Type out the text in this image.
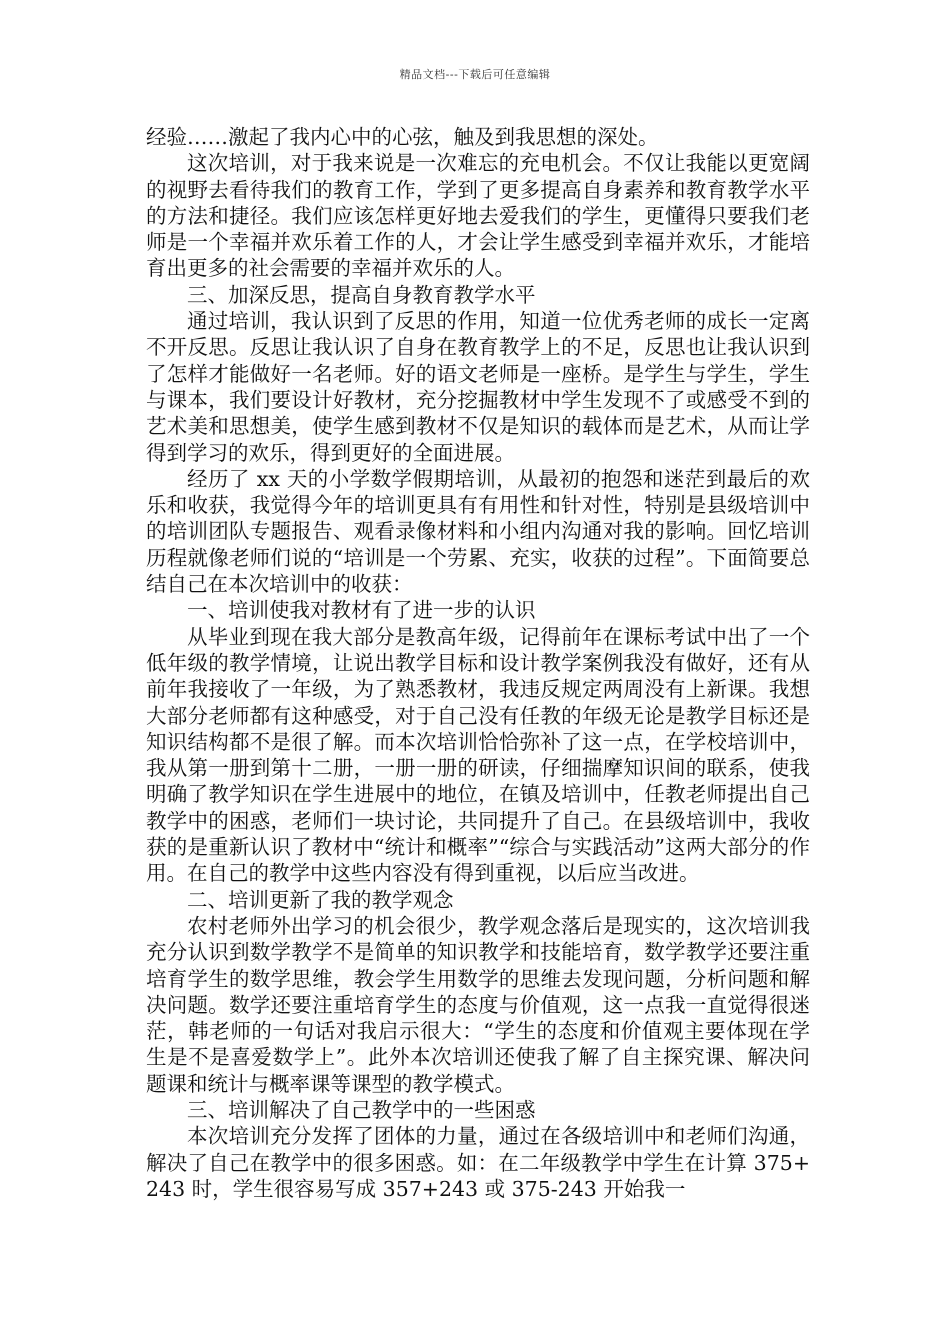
精品文档---下载后可任意编辑

经验……激起了我内心中的心弦，触及到我思想的深处。

这次培训，对于我来说是一次难忘的充电机会。不仅让我能以更宽阔的视野去看待我们的教育工作，学到了更多提高自身素养和教育教学水平的方法和捷径。我们应该怎样更好地去爱我们的学生，更懂得只要我们老师是一个幸福并欢乐着工作的人，才会让学生感受到幸福并欢乐，才能培育出更多的社会需要的幸福并欢乐的人。

三、加深反思，提高自身教育教学水平

通过培训，我认识到了反思的作用，知道一位优秀老师的成长一定离不开反思。反思让我认识了自身在教育教学上的不足，反思也让我认识到了怎样才能做好一名老师。好的语文老师是一座桥。是学生与学生，学生与课本，我们要设计好教材，充分挖掘教材中学生发现不了或感受不到的艺术美和思想美，使学生感到教材不仅是知识的载体而是艺术，从而让学得到学习的欢乐，得到更好的全面进展。

经历了 xx 天的小学数学假期培训，从最初的抱怨和迷茫到最后的欢乐和收获，我觉得今年的培训更具有有用性和针对性，特别是县级培训中的培训团队专题报告、观看录像材料和小组内沟通对我的影响。回忆培训历程就像老师们说的“培训是一个劳累、充实，收获的过程”。下面简要总结自己在本次培训中的收获：

一、培训使我对教材有了进一步的认识

从毕业到现在我大部分是教高年级，记得前年在课标考试中出了一个低年级的教学情境，让说出教学目标和设计教学案例我没有做好，还有从前年我接收了一年级，为了熟悉教材，我违反规定两周没有上新课。我想大部分老师都有这种感受，对于自己没有任教的年级无论是教学目标还是知识结构都不是很了解。而本次培训恰恰弥补了这一点，在学校培训中，我从第一册到第十二册，一册一册的研读，仔细揣摩知识间的联系，使我明确了教学知识在学生进展中的地位，在镇及培训中，任教老师提出自己教学中的困惑，老师们一块讨论，共同提升了自己。在县级培训中，我收获的是重新认识了教材中“统计和概率”“综合与实践活动”这两大部分的作用。在自己的教学中这些内容没有得到重视，以后应当改进。

二、培训更新了我的教学观念

农村老师外出学习的机会很少，教学观念落后是现实的，这次培训我充分认识到数学教学不是简单的知识教学和技能培育，数学教学还要注重培育学生的数学思维，教会学生用数学的思维去发现问题，分析问题和解决问题。数学还要注重培育学生的态度与价值观，这一点我一直觉得很迷茫，韩老师的一句话对我启示很大：“学生的态度和价值观主要体现在学生是不是喜爱数学上”。此外本次培训还使我了解了自主探究课、解决问题课和统计与概率课等课型的教学模式。

三、培训解决了自己教学中的一些困惑

本次培训充分发挥了团体的力量，通过在各级培训中和老师们沟通，解决了自己在教学中的很多困惑。如：在二年级教学中学生在计算 375+243 时，学生很容易写成 357+243 或 375-243 开始我一
